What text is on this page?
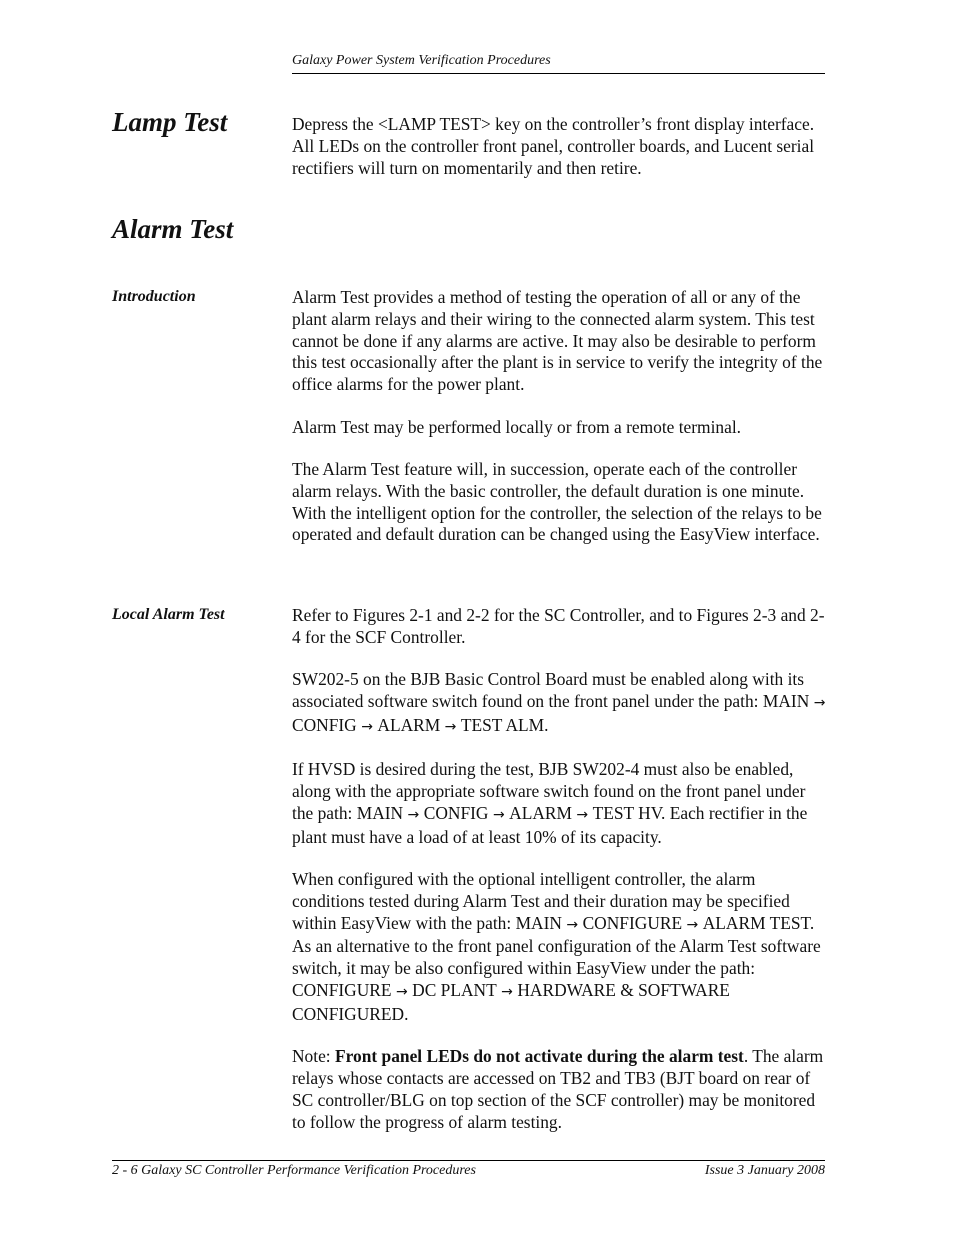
Galaxy Power System Verification Procedures
Lamp Test	Depress the <LAMP TEST> key on the controller’s front display interface. All LEDs on the controller front panel, controller boards, and Lucent serial rectifiers will turn on momentarily and then retire.

Alarm Test
Introduction	Alarm Test provides a method of testing the operation of all or any of the plant alarm relays and their wiring to the connected alarm system. This test cannot be done if any alarms are active. It may also be desirable to perform this test occasionally after the plant is in service to verify the integrity of the office alarms for the power plant.

Alarm Test may be performed locally or from a remote terminal.

The Alarm Test feature will, in succession, operate each of the controller alarm relays. With the basic controller, the default duration is one minute. With the intelligent option for the controller, the selection of the relays to be operated and default duration can be changed using the EasyView interface.

Local Alarm Test	Refer to Figures 2-1 and 2-2 for the SC Controller, and to Figures 2-3 and 2-4 for the SCF Controller.

SW202-5 on the BJB Basic Control Board must be enabled along with its associated software switch found on the front panel under the path: MAIN → CONFIG → ALARM → TEST ALM.

If HVSD is desired during the test, BJB SW202-4 must also be enabled, along with the appropriate software switch found on the front panel under the path: MAIN → CONFIG → ALARM → TEST HV. Each rectifier in the plant must have a load of at least 10% of its capacity.

When configured with the optional intelligent controller, the alarm conditions tested during Alarm Test and their duration may be specified within EasyView with the path: MAIN → CONFIGURE → ALARM TEST. As an alternative to the front panel configuration of the Alarm Test software switch, it may be also configured within EasyView under the path: CONFIGURE → DC PLANT → HARDWARE & SOFTWARE CONFIGURED.

Note: Front panel LEDs do not activate during the alarm test. The alarm relays whose contacts are accessed on TB2 and TB3 (BJT board on rear of SC controller/BLG on top section of the SCF controller) may be monitored to follow the progress of alarm testing.

2 - 6 Galaxy SC Controller Performance Verification Procedures	Issue 3 January 2008
